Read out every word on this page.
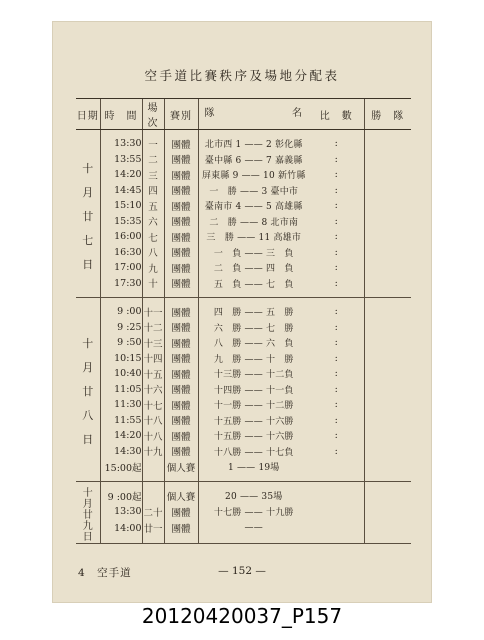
空手道比賽秩序及場地分配表
日期	時　間	場次	賽別	隊 名	比　數	勝　隊
十月廿七日	13:30	一	團體	北市西 1 —— 2 彰化縣	:	
	13:55	二	團體	臺中縣 6 —— 7 嘉義縣	:	
	14:20	三	團體	屏東縣 9 —— 10 新竹縣	:	
	14:45	四	團體	一　勝 —— 3 臺中市	:	
	15:10	五	團體	臺南市 4 —— 5 高雄縣	:	
	15:35	六	團體	二　勝 —— 8 北市南	:	
	16:00	七	團體	三　勝 —— 11 高雄市	:	
	16:30	八	團體	一　負 —— 三　負	:	
	17:00	九	團體	二　負 —— 四　負	:	
	17:30	十	團體	五　負 —— 七　負	:	
十月廿八日	9 :00	十一	團體	四　勝 —— 五　勝	:	
	9 :25	十二	團體	六　勝 —— 七　勝	:	
	9 :50	十三	團體	八　勝 —— 六　負	:	
	10:15	十四	團體	九　勝 —— 十　勝	:	
	10:40	十五	團體	十三勝 —— 十二負	:	
	11:05	十六	團體	十四勝 —— 十一負	:	
	11:30	十七	團體	十一勝 —— 十二勝	:	
	11:55	十八	團體	十五勝 —— 十六勝	:	
	14:20	十八	團體	十五勝 —— 十六勝	:	
	14:30	十九	團體	十八勝 —— 十七負	:	
	15:00起		個人賽	1 —— 19場		
十月廿九日	9 :00起		個人賽	20 —— 35場		
	13:30	二十	團體	十七勝 —— 十九勝		
	14:00	廿一	團體	——		
4　空手道	— 152 —
20120420037_P157
